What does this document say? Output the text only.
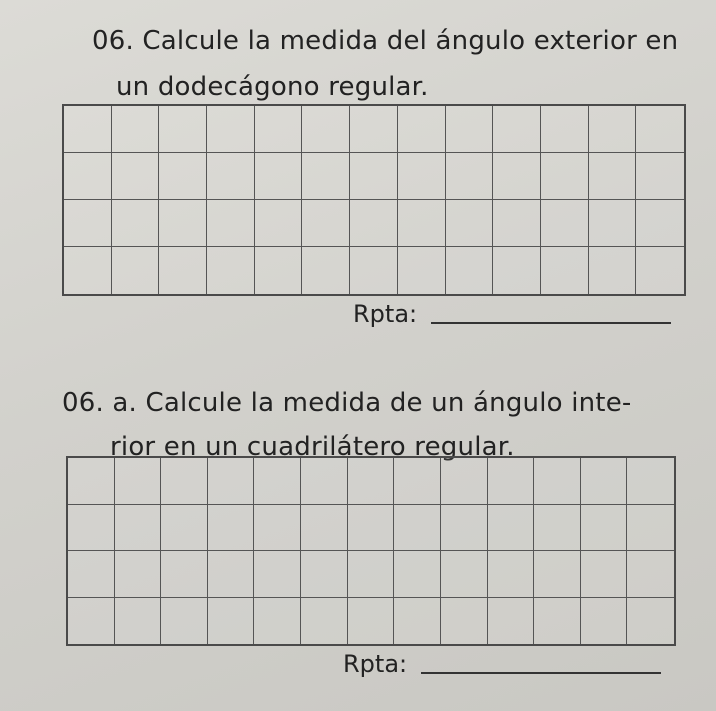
06. Calcule la medida del ángulo exterior en
un dodecágono regular.
Rpta:
06. a. Calcule la medida de un ángulo inte-
rior en un cuadrilátero regular.
Rpta:
